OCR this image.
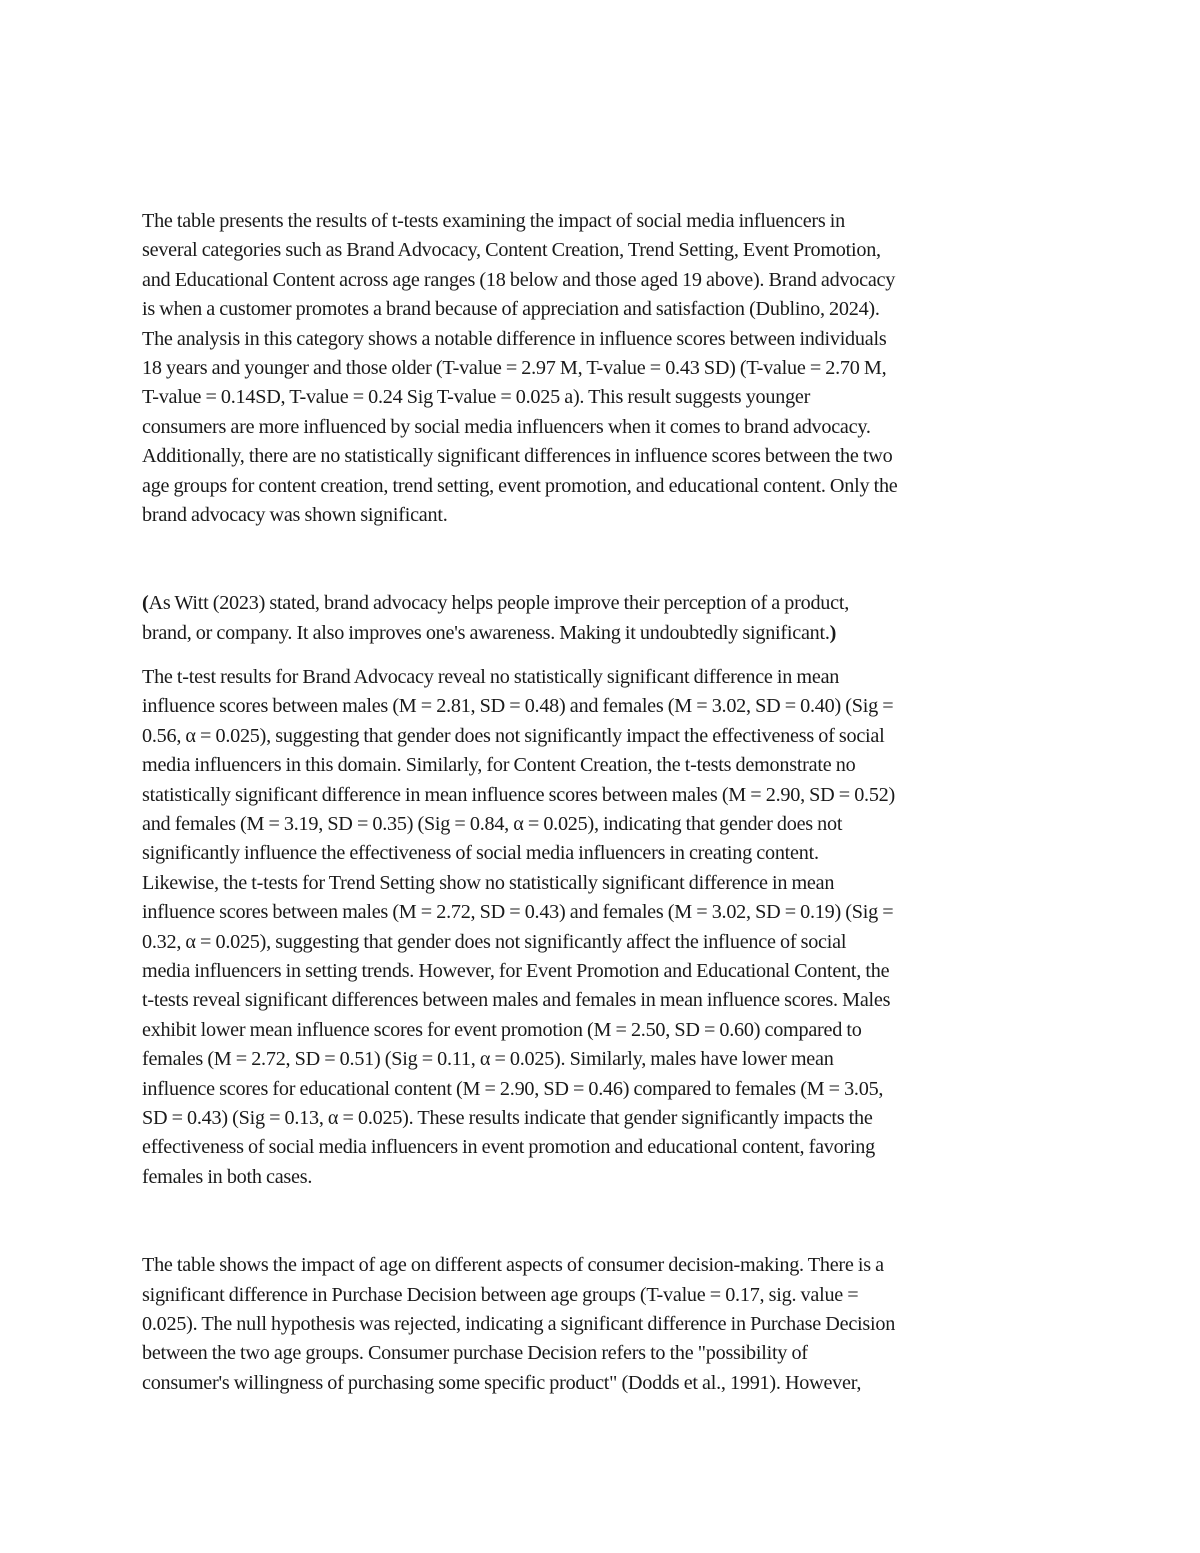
The table presents the results of t-tests examining the impact of social media influencers in
several categories such as Brand Advocacy, Content Creation, Trend Setting, Event Promotion,
and Educational Content across age ranges (18 below and those aged 19 above). Brand advocacy
is when a customer promotes a brand because of appreciation and satisfaction (Dublino, 2024).
The analysis in this category shows a notable difference in influence scores between individuals
18 years and younger and those older (T-value = 2.97 M, T-value = 0.43 SD) (T-value = 2.70 M,
T-value = 0.14SD, T-value = 0.24 Sig T-value = 0.025 a). This result suggests younger
consumers are more influenced by social media influencers when it comes to brand advocacy.
Additionally, there are no statistically significant differences in influence scores between the two
age groups for content creation, trend setting, event promotion, and educational content. Only the
brand advocacy was shown significant.

(As Witt (2023) stated, brand advocacy helps people improve their perception of a product,
brand, or company. It also improves one's awareness. Making it undoubtedly significant.)

The t-test results for Brand Advocacy reveal no statistically significant difference in mean
influence scores between males (M = 2.81, SD = 0.48) and females (M = 3.02, SD = 0.40) (Sig =
0.56, α = 0.025), suggesting that gender does not significantly impact the effectiveness of social
media influencers in this domain. Similarly, for Content Creation, the t-tests demonstrate no
statistically significant difference in mean influence scores between males (M = 2.90, SD = 0.52)
and females (M = 3.19, SD = 0.35) (Sig = 0.84, α = 0.025), indicating that gender does not
significantly influence the effectiveness of social media influencers in creating content.
Likewise, the t-tests for Trend Setting show no statistically significant difference in mean
influence scores between males (M = 2.72, SD = 0.43) and females (M = 3.02, SD = 0.19) (Sig =
0.32, α = 0.025), suggesting that gender does not significantly affect the influence of social
media influencers in setting trends. However, for Event Promotion and Educational Content, the
t-tests reveal significant differences between males and females in mean influence scores. Males
exhibit lower mean influence scores for event promotion (M = 2.50, SD = 0.60) compared to
females (M = 2.72, SD = 0.51) (Sig = 0.11, α = 0.025). Similarly, males have lower mean
influence scores for educational content (M = 2.90, SD = 0.46) compared to females (M = 3.05,
SD = 0.43) (Sig = 0.13, α = 0.025). These results indicate that gender significantly impacts the
effectiveness of social media influencers in event promotion and educational content, favoring
females in both cases.

The table shows the impact of age on different aspects of consumer decision-making. There is a
significant difference in Purchase Decision between age groups (T-value = 0.17, sig. value =
0.025). The null hypothesis was rejected, indicating a significant difference in Purchase Decision
between the two age groups. Consumer purchase Decision refers to the "possibility of
consumer's willingness of purchasing some specific product" (Dodds et al., 1991). However,
